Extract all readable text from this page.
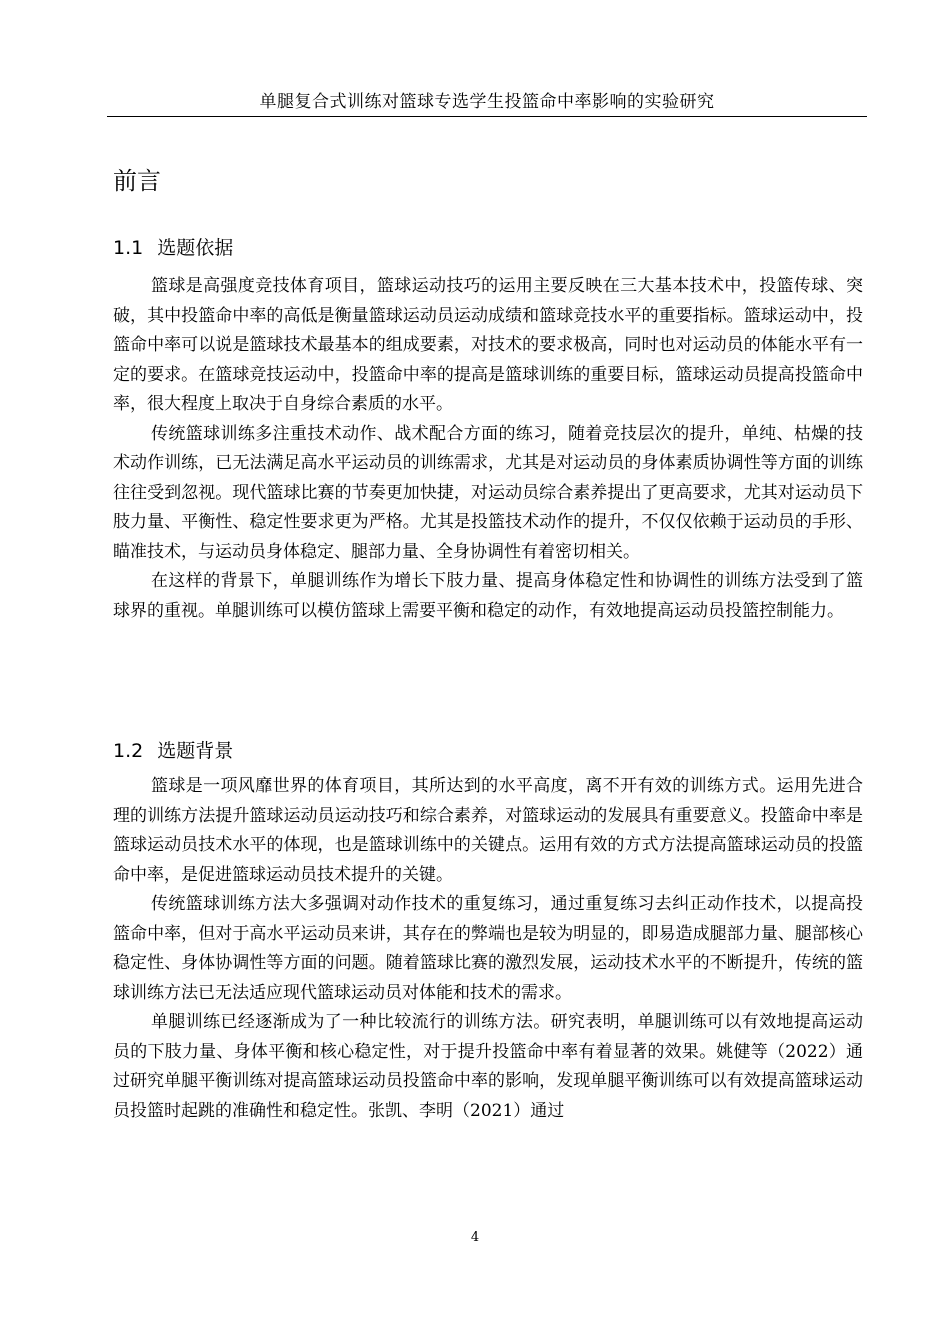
单腿复合式训练对篮球专选学生投篮命中率影响的实验研究
前言
1.1 选题依据

篮球是高强度竞技体育项目，篮球运动技巧的运用主要反映在三大基本技术中，投篮传球、突破，其中投篮命中率的高低是衡量篮球运动员运动成绩和篮球竞技水平的重要指标。篮球运动中，投篮命中率可以说是篮球技术最基本的组成要素，对技术的要求极高，同时也对运动员的体能水平有一定的要求。在篮球竞技运动中，投篮命中率的提高是篮球训练的重要目标，篮球运动员提高投篮命中率，很大程度上取决于自身综合素质的水平。

传统篮球训练多注重技术动作、战术配合方面的练习，随着竞技层次的提升，单纯、枯燥的技术动作训练，已无法满足高水平运动员的训练需求，尤其是对运动员的身体素质协调性等方面的训练往往受到忽视。现代篮球比赛的节奏更加快捷，对运动员综合素养提出了更高要求，尤其对运动员下肢力量、平衡性、稳定性要求更为严格。尤其是投篮技术动作的提升，不仅仅依赖于运动员的手形、瞄准技术，与运动员身体稳定、腿部力量、全身协调性有着密切相关。

在这样的背景下，单腿训练作为增长下肢力量、提高身体稳定性和协调性的训练方法受到了篮球界的重视。单腿训练可以模仿篮球上需要平衡和稳定的动作，有效地提高运动员投篮控制能力。

1.2 选题背景

篮球是一项风靡世界的体育项目，其所达到的水平高度，离不开有效的训练方式。运用先进合理的训练方法提升篮球运动员运动技巧和综合素养，对篮球运动的发展具有重要意义。投篮命中率是篮球运动员技术水平的体现，也是篮球训练中的关键点。运用有效的方式方法提高篮球运动员的投篮命中率，是促进篮球运动员技术提升的关键。

传统篮球训练方法大多强调对动作技术的重复练习，通过重复练习去纠正动作技术，以提高投篮命中率，但对于高水平运动员来讲，其存在的弊端也是较为明显的，即易造成腿部力量、腿部核心稳定性、身体协调性等方面的问题。随着篮球比赛的激烈发展，运动技术水平的不断提升，传统的篮球训练方法已无法适应现代篮球运动员对体能和技术的需求。

单腿训练已经逐渐成为了一种比较流行的训练方法。研究表明，单腿训练可以有效地提高运动员的下肢力量、身体平衡和核心稳定性，对于提升投篮命中率有着显著的效果。姚健等（2022）通过研究单腿平衡训练对提高篮球运动员投篮命中率的影响，发现单腿平衡训练可以有效提高篮球运动员投篮时起跳的准确性和稳定性。张凯、李明（2021）通过

4
